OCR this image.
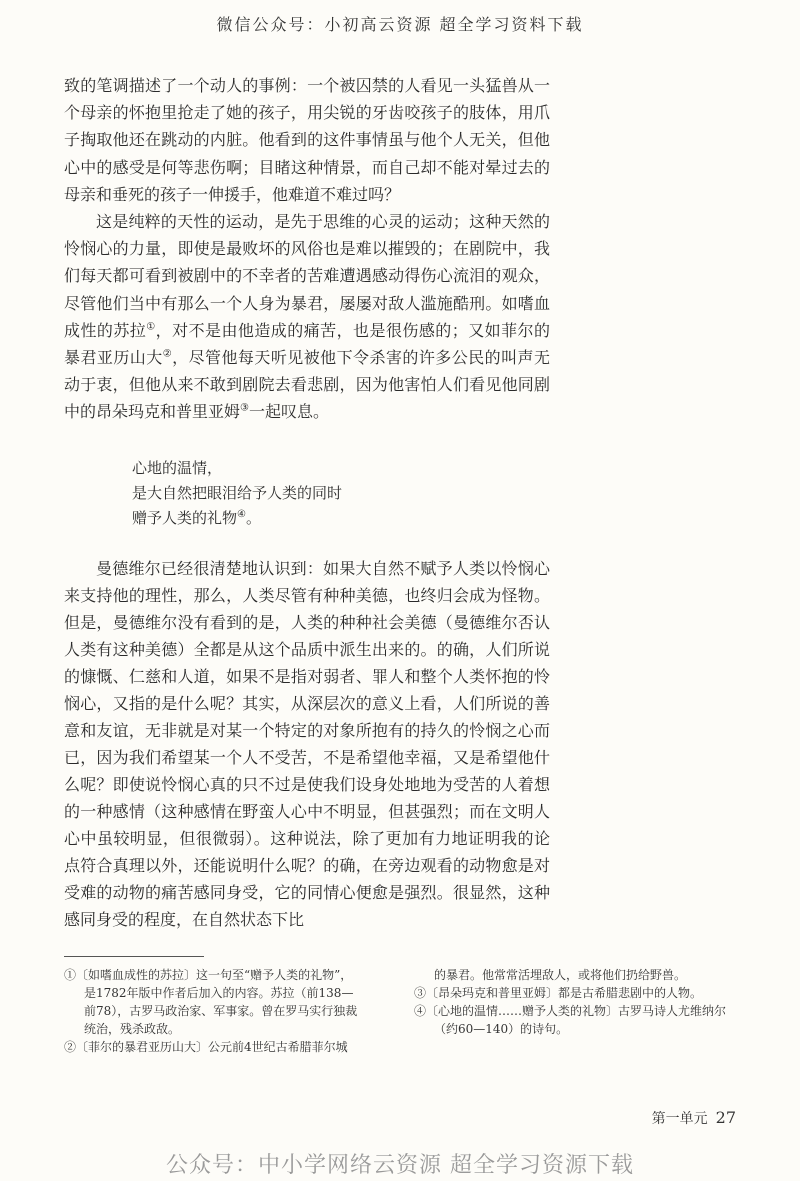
微信公众号：小初高云资源 超全学习资料下载

致的笔调描述了一个动人的事例：一个被囚禁的人看见一头猛兽从一个母亲的怀抱里抢走了她的孩子，用尖锐的牙齿咬孩子的肢体，用爪子掏取他还在跳动的内脏。他看到的这件事情虽与他个人无关，但他心中的感受是何等悲伤啊；目睹这种情景，而自己却不能对晕过去的母亲和垂死的孩子一伸援手，他难道不难过吗？

这是纯粹的天性的运动，是先于思维的心灵的运动；这种天然的怜悯心的力量，即使是最败坏的风俗也是难以摧毁的；在剧院中，我们每天都可看到被剧中的不幸者的苦难遭遇感动得伤心流泪的观众，尽管他们当中有那么一个人身为暴君，屡屡对敌人滥施酷刑。如嗜血成性的苏拉①，对不是由他造成的痛苦，也是很伤感的；又如菲尔的暴君亚历山大②，尽管他每天听见被他下令杀害的许多公民的叫声无动于衷，但他从来不敢到剧院去看悲剧，因为他害怕人们看见他同剧中的昂朵玛克和普里亚姆③一起叹息。

心地的温情，
是大自然把眼泪给予人类的同时
赠予人类的礼物④。

曼德维尔已经很清楚地认识到：如果大自然不赋予人类以怜悯心来支持他的理性，那么，人类尽管有种种美德，也终归会成为怪物。但是，曼德维尔没有看到的是，人类的种种社会美德（曼德维尔否认人类有这种美德）全都是从这个品质中派生出来的。的确，人们所说的慷慨、仁慈和人道，如果不是指对弱者、罪人和整个人类怀抱的怜悯心，又指的是什么呢？其实，从深层次的意义上看，人们所说的善意和友谊，无非就是对某一个特定的对象所抱有的持久的怜悯之心而已，因为我们希望某一个人不受苦，不是希望他幸福，又是希望他什么呢？即使说怜悯心真的只不过是使我们设身处地地为受苦的人着想的一种感情（这种感情在野蛮人心中不明显，但甚强烈；而在文明人心中虽较明显，但很微弱）。这种说法，除了更加有力地证明我的论点符合真理以外，还能说明什么呢？的确，在旁边观看的动物愈是对受难的动物的痛苦感同身受，它的同情心便愈是强烈。很显然，这种感同身受的程度，在自然状态下比

①〔如嗜血成性的苏拉〕这一句至“赠予人类的礼物”，是1782年版中作者后加入的内容。苏拉（前138—前78），古罗马政治家、军事家。曾在罗马实行独裁统治，残杀政敌。

②〔菲尔的暴君亚历山大〕公元前4世纪古希腊菲尔城

的暴君。他常常活埋敌人，或将他们扔给野兽。

③〔昂朵玛克和普里亚姆〕都是古希腊悲剧中的人物。

④〔心地的温情……赠予人类的礼物〕古罗马诗人尤维纳尔（约60—140）的诗句。

第一单元 27
公众号：中小学网络云资源 超全学习资源下载
